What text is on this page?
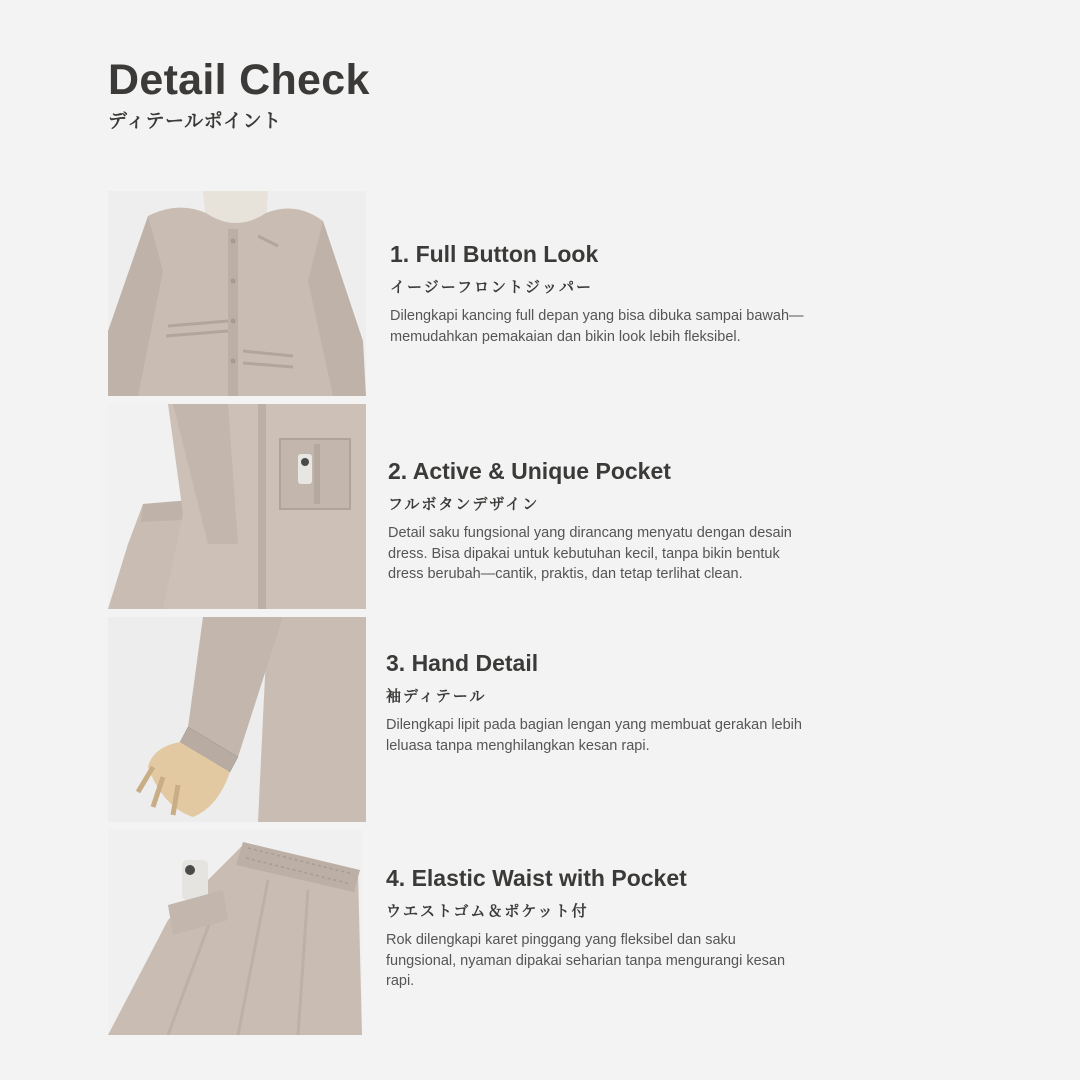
Detail Check
ディテールポイント
1. Full Button Look
イージーフロントジッパー
Dilengkapi kancing full depan yang bisa dibuka sampai bawah—memudahkan pemakaian dan bikin look lebih fleksibel.
2. Active & Unique Pocket
フルボタンデザイン
Detail saku fungsional yang dirancang menyatu dengan desain dress. Bisa dipakai untuk kebutuhan kecil, tanpa bikin bentuk dress berubah—cantik, praktis, dan tetap terlihat clean.
3. Hand Detail
袖ディテール
Dilengkapi lipit pada bagian lengan yang membuat gerakan lebih leluasa tanpa menghilangkan kesan rapi.
4. Elastic Waist with Pocket
ウエストゴム＆ポケット付
Rok dilengkapi karet pinggang yang fleksibel dan saku fungsional, nyaman dipakai seharian tanpa mengurangi kesan rapi.
